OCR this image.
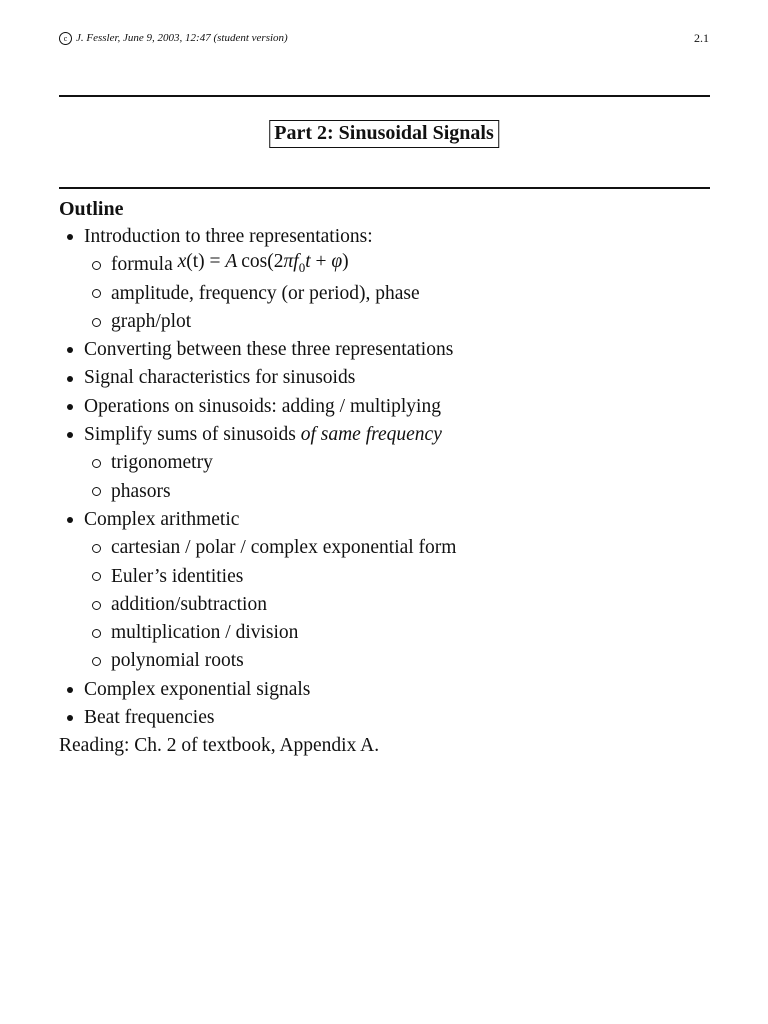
c J. Fessler, June 9, 2003, 12:47 (student version)	2.1
Part 2: Sinusoidal Signals
Outline
Introduction to three representations:
formula
x(t) = A  $\cos(2\pi f_0t + \varphi)$
amplitude, frequency (or period), phase
graph/plot
Converting between these three representations
Signal characteristics for sinusoids
Operations on sinusoids: adding / multiplying
Simplify sums of sinusoids of same frequency
trigonometry
phasors
Complex arithmetic
cartesian / polar / complex exponential form
Euler’s identities
addition/subtraction
multiplication / division
polynomial roots
Complex exponential signals
Beat frequencies
Reading: Ch. 2 of textbook, Appendix A.
